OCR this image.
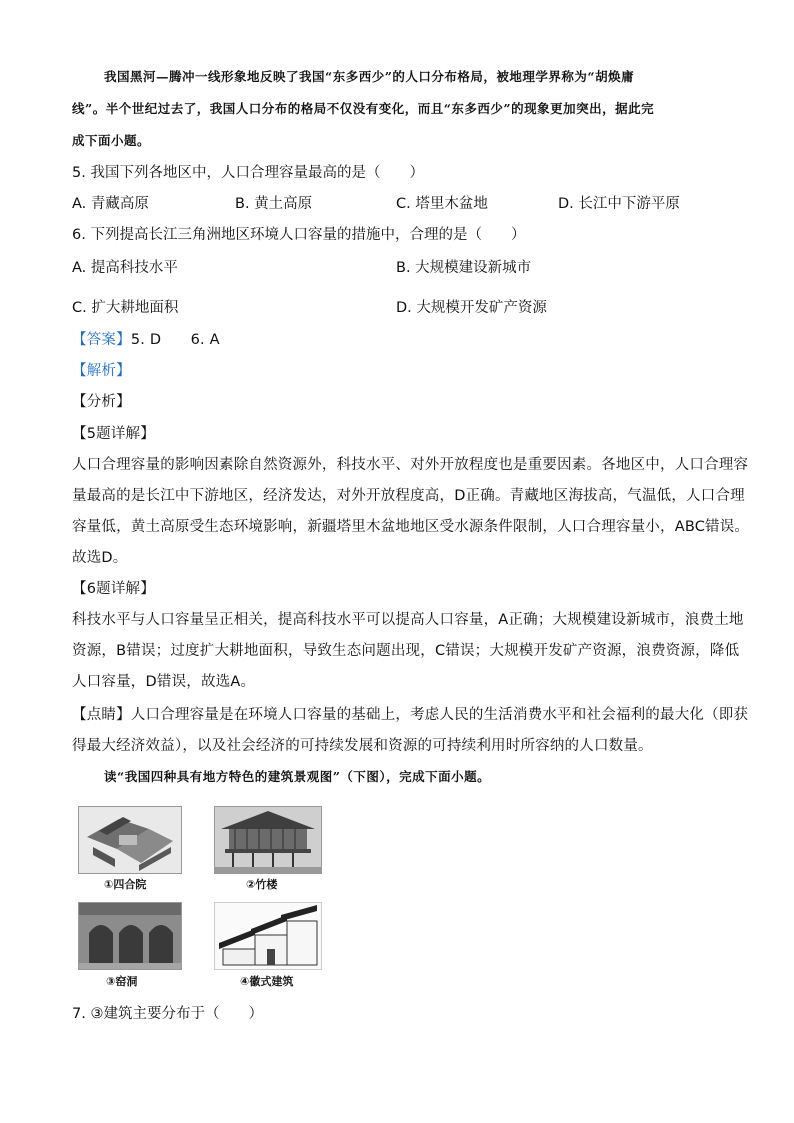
我国黑河—腾冲一线形象地反映了我国“东多西少”的人口分布格局，被地理学界称为“胡焕庸
线”。半个世纪过去了，我国人口分布的格局不仅没有变化，而且“东多西少”的现象更加突出，据此完
成下面小题。
5. 我国下列各地区中，人口合理容量最高的是（　　）
A. 青藏高原	B. 黄土高原	C. 塔里木盆地	D. 长江中下游平原
6. 下列提高长江三角洲地区环境人口容量的措施中，合理的是（　　）
A. 提高科技水平	B. 大规模建设新城市
C. 扩大耕地面积	D. 大规模开发矿产资源
【答案】5. D　　6. A
【解析】
【分析】
【5题详解】
人口合理容量的影响因素除自然资源外，科技水平、对外开放程度也是重要因素。各地区中，人口合理容
量最高的是长江中下游地区，经济发达，对外开放程度高，D正确。青藏地区海拔高，气温低，人口合理
容量低，黄土高原受生态环境影响，新疆塔里木盆地地区受水源条件限制，人口合理容量小，ABC错误。
故选D。
【6题详解】
科技水平与人口容量呈正相关，提高科技水平可以提高人口容量，A正确；大规模建设新城市，浪费土地
资源，B错误；过度扩大耕地面积，导致生态问题出现，C错误；大规模开发矿产资源，浪费资源，降低
人口容量，D错误，故选A。
【点睛】人口合理容量是在环境人口容量的基础上，考虑人民的生活消费水平和社会福利的最大化（即获
得最大经济效益），以及社会经济的可持续发展和资源的可持续利用时所容纳的人口数量。
读“我国四种具有地方特色的建筑景观图”（下图），完成下面小题。
①四合院	②竹楼
③窑洞	④徽式建筑
7. ③建筑主要分布于（　　）
